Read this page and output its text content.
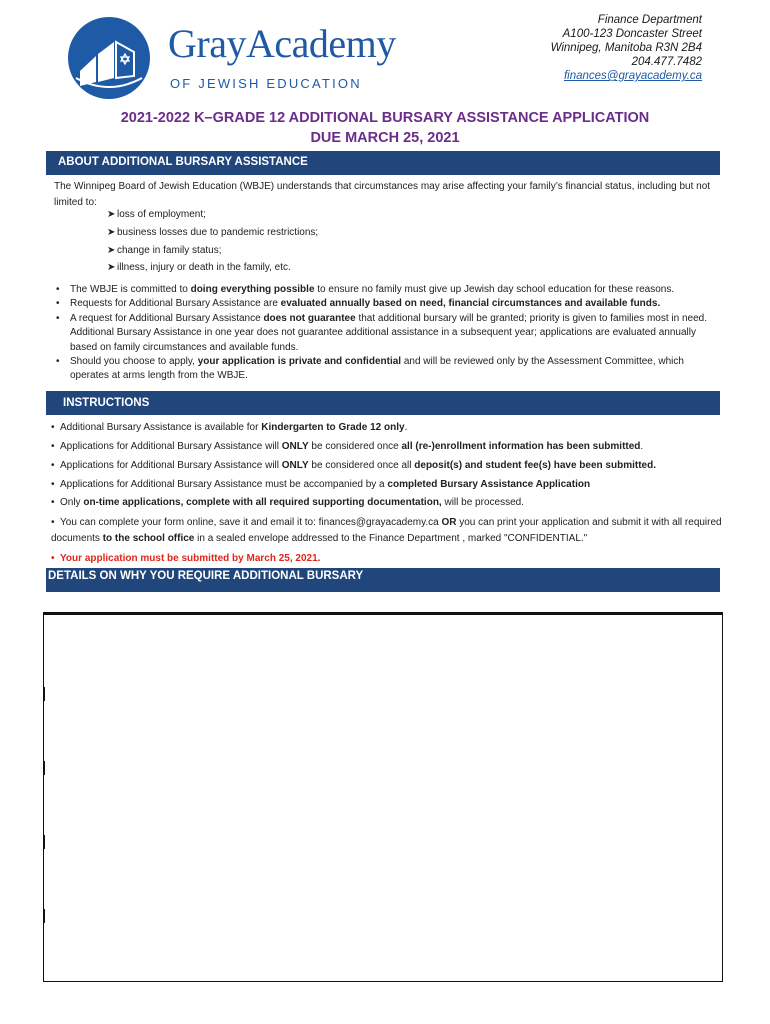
GrayAcademy
OF JEWISH EDUCATION
Finance Department
A100-123 Doncaster Street
Winnipeg, Manitoba R3N 2B4
204.477.7482
finances@grayacademy.ca
2021-2022 K–GRADE 12 ADDITIONAL BURSARY ASSISTANCE APPLICATION
DUE MARCH 25, 2021
ABOUT ADDITIONAL BURSARY ASSISTANCE
The Winnipeg Board of Jewish Education (WBJE) understands that circumstances may arise affecting your family’s financial status, including but not limited to:
➤ loss of employment;
➤ business losses due to pandemic restrictions;
➤ change in family status;
➤ illness, injury or death in the family, etc.
• The WBJE is committed to doing everything possible to ensure no family must give up Jewish day school education for these reasons.
• Requests for Additional Bursary Assistance are evaluated annually based on need, financial circumstances and available funds.
• A request for Additional Bursary Assistance does not guarantee that additional bursary will be granted; priority is given to families most in need. Additional Bursary Assistance in one year does not guarantee additional assistance in a subsequent year; applications are evaluated annually based on family circumstances and available funds.
• Should you choose to apply, your application is private and confidential and will be reviewed only by the Assessment Committee, which operates at arms length from the WBJE.
INSTRUCTIONS
• Additional Bursary Assistance is available for Kindergarten to Grade 12 only.
• Applications for Additional Bursary Assistance will ONLY be considered once all (re-)enrollment information has been submitted.
• Applications for Additional Bursary Assistance will ONLY be considered once all deposit(s) and student fee(s) have been submitted.
• Applications for Additional Bursary Assistance must be accompanied by a completed Bursary Assistance Application
• Only on-time applications, complete with all required supporting documentation, will be processed.
• You can complete your form online, save it and email it to: finances@grayacademy.ca OR you can print your application and submit it with all required documents to the school office in a sealed envelope addressed to the Finance Department , marked "CONFIDENTIAL."
• Your application must be submitted by March 25, 2021.
DETAILS ON WHY YOU REQUIRE ADDITIONAL BURSARY
